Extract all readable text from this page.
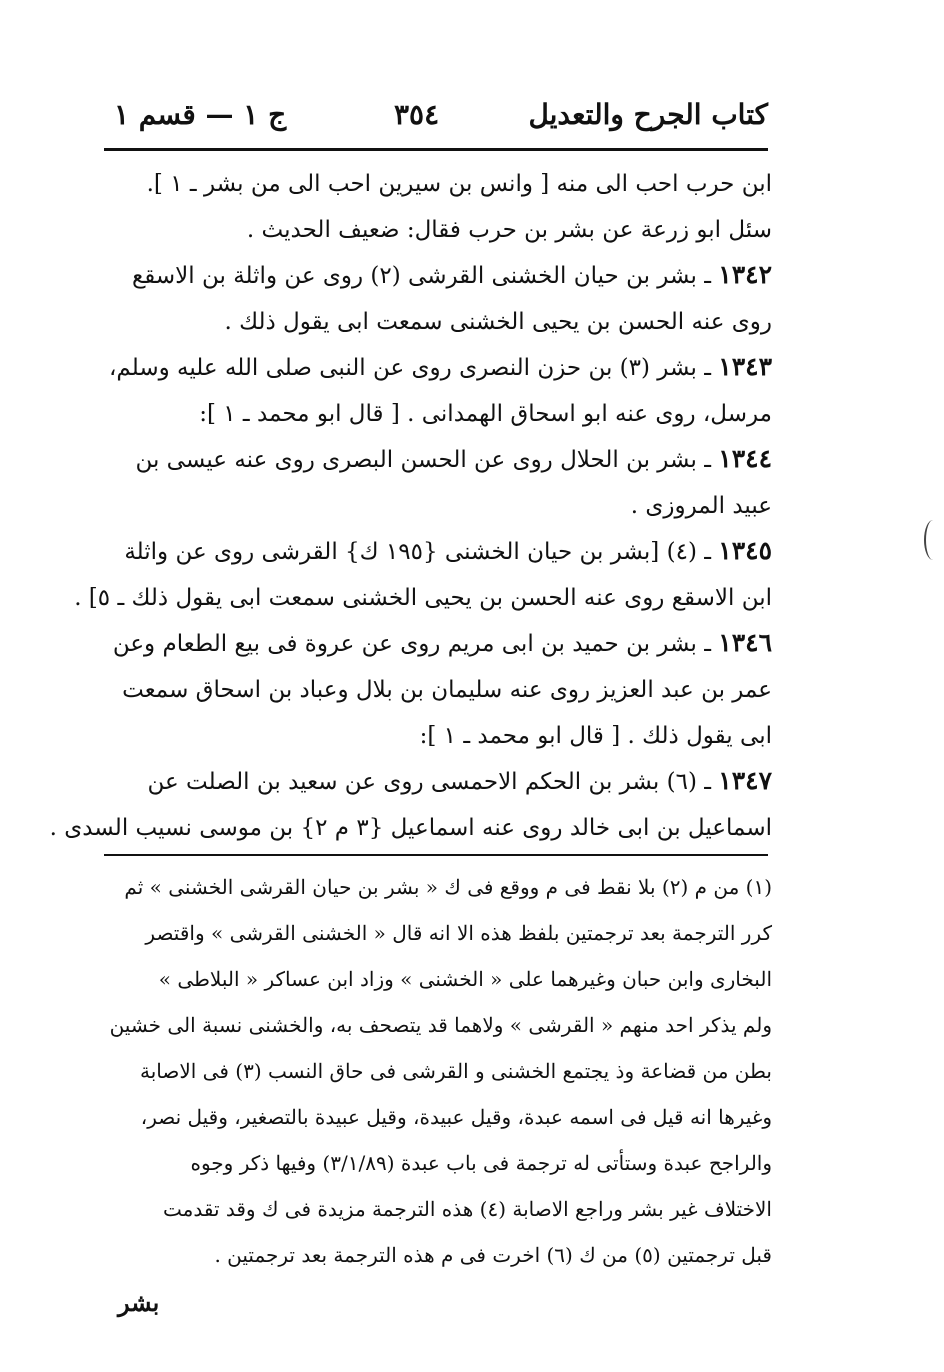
كتاب الجرح والتعديل
٣٥٤
ج ١ — قسم ١
ابن حرب احب الى منه [ وانس بن سيرين احب الى من بشر ـ ١ ].
سئل ابو زرعة عن بشر بن حرب فقال: ضعيف الحديث .
١٣٤٢ ـ بشر بن حيان الخشنى القرشى (٢) روى عن واثلة بن الاسقع
روى عنه الحسن بن يحيى الخشنى سمعت ابى يقول ذلك .
١٣٤٣ ـ بشر (٣) بن حزن النصرى روى عن النبى صلى الله عليه وسلم،
مرسل، روى عنه ابو اسحاق الهمدانى . [ قال ابو محمد ـ ١ ]:
١٣٤٤ ـ بشر بن الحلال روى عن الحسن البصرى روى عنه عيسى بن
عبيد المروزى .
١٣٤٥ ـ (٤) [بشر بن حيان الخشنى {١٩٥ ك} القرشى روى عن واثلة
ابن الاسقع روى عنه الحسن بن يحيى الخشنى سمعت ابى يقول ذلك ـ ٥] .
١٣٤٦ ـ بشر بن حميد بن ابى مريم روى عن عروة فى بيع الطعام وعن
عمر بن عبد العزيز روى عنه سليمان بن بلال وعباد بن اسحاق سمعت
ابى يقول ذلك . [ قال ابو محمد ـ ١ ]:
١٣٤٧ ـ (٦) بشر بن الحكم الاحمسى روى عن سعيد بن الصلت عن
اسماعيل بن ابى خالد روى عنه اسماعيل {٣ م ٢} بن موسى نسيب السدى .
(١) من م (٢) بلا نقط فى م ووقع فى ك « بشر بن حيان القرشى الخشنى » ثم
كرر الترجمة بعد ترجمتين بلفظ هذه الا انه قال « الخشنى القرشى » واقتصر
البخارى وابن حبان وغيرهما على « الخشنى » وزاد ابن عساكر « البلاطى »
ولم يذكر احد منهم « القرشى » ولاهما قد يتصحف به، والخشنى نسبة الى خشين
بطن من قضاعة وذ يجتمع الخشنى و القرشى فى حاق النسب (٣) فى الاصابة
وغيرها انه قيل فى اسمه عبدة، وقيل عبيدة، وقيل عبيدة بالتصغير، وقيل نصر،
والراجح عبدة وستأتى له ترجمة فى باب عبدة (٣/١/٨٩) وفيها ذكر وجوه
الاختلاف غير بشر وراجع الاصابة (٤) هذه الترجمة مزيدة فى ك وقد تقدمت
قبل ترجمتين (٥) من ك (٦) اخرت فى م هذه الترجمة بعد ترجمتين .
بشر
